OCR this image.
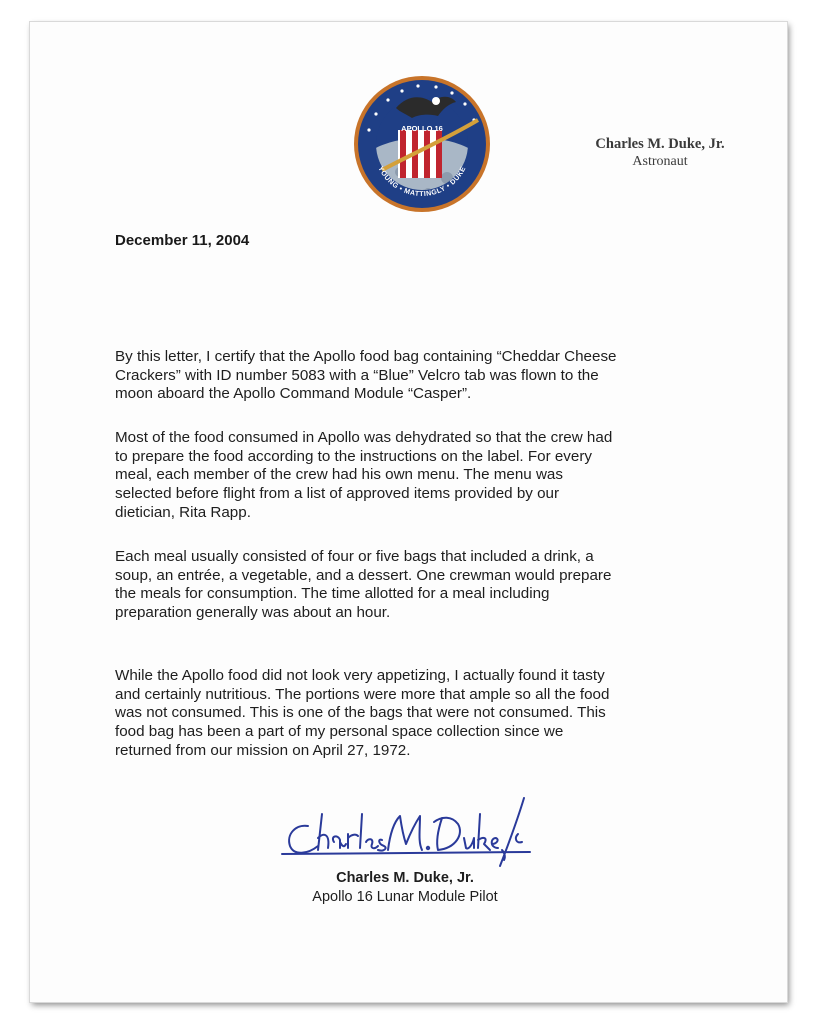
APOLLO 16
YOUNG • MATTINGLY • DUKE
Charles M. Duke, Jr.
Astronaut
December 11, 2004

By this letter, I certify that the Apollo food bag containing “Cheddar Cheese
Crackers” with ID number 5083 with a “Blue” Velcro tab was flown to the
moon aboard the Apollo Command Module “Casper”.

Most of the food consumed in Apollo was dehydrated so that the crew had
to prepare the food according to the instructions on the label. For every
meal, each member of the crew had his own menu. The menu was
selected before flight from a list of approved items provided by our
dietician, Rita Rapp.

Each meal usually consisted of four or five bags that included a drink, a
soup, an entrée, a vegetable, and a dessert. One crewman would prepare
the meals for consumption. The time allotted for a meal including
preparation generally was about an hour.

While the Apollo food did not look very appetizing, I actually found it tasty
and certainly nutritious. The portions were more that ample so all the food
was not consumed. This is one of the bags that were not consumed. This
food bag has been a part of my personal space collection since we
returned from our mission on April 27, 1972.

Charles M. Duke, Jr.
Apollo 16 Lunar Module Pilot
